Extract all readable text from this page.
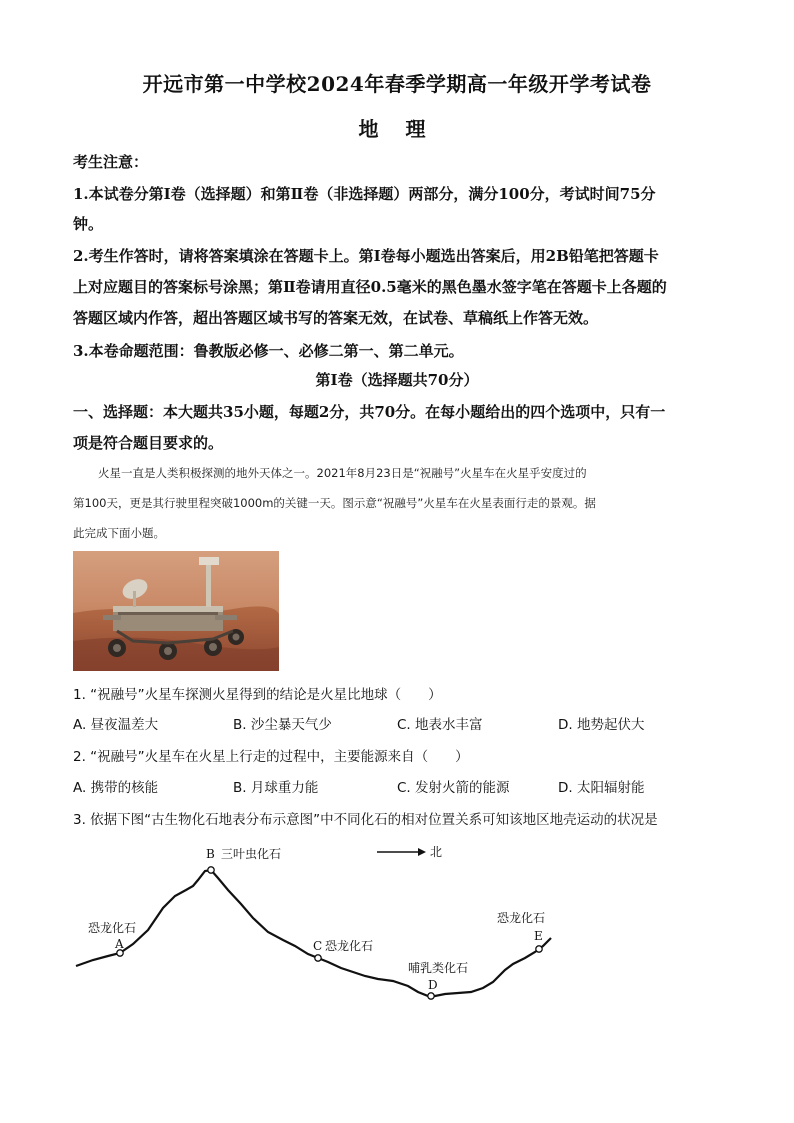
开远市第一中学校2024年春季学期高一年级开学考试卷
地 理
考生注意：
1.本试卷分第Ⅰ卷（选择题）和第Ⅱ卷（非选择题）两部分，满分100分，考试时间75分
钟。
2.考生作答时，请将答案填涂在答题卡上。第Ⅰ卷每小题选出答案后，用2B铅笔把答题卡
上对应题目的答案标号涂黑；第Ⅱ卷请用直径0.5毫米的黑色墨水签字笔在答题卡上各题的
答题区域内作答，超出答题区域书写的答案无效，在试卷、草稿纸上作答无效。
3.本卷命题范围：鲁教版必修一、必修二第一、第二单元。
第Ⅰ卷（选择题共70分）
一、选择题：本大题共35小题，每题2分，共70分。在每小题给出的四个选项中，只有一
项是符合题目要求的。

火星一直是人类积极探测的地外天体之一。2021年8月23日是“祝融号”火星车在火星乎安度过的

第100天，更是其行驶里程突破1000m的关键一天。图示意“祝融号”火星车在火星表面行走的景观。据
此完成下面小题。
1. “祝融号”火星车探测火星得到的结论是火星比地球（　　）
A. 昼夜温差大	B. 沙尘暴天气少	C. 地表水丰富	D. 地势起伏大
2. “祝融号”火星车在火星上行走的过程中，主要能源来自（　　）
A. 携带的核能	B. 月球重力能	C. 发射火箭的能源	D. 太阳辐射能
3. 依据下图“古生物化石地表分布示意图”中不同化石的相对位置关系可知该地区地壳运动的状况是
北
A
恐龙化石
B 三叶虫化石
C 恐龙化石
D
哺乳类化石
E
恐龙化石
